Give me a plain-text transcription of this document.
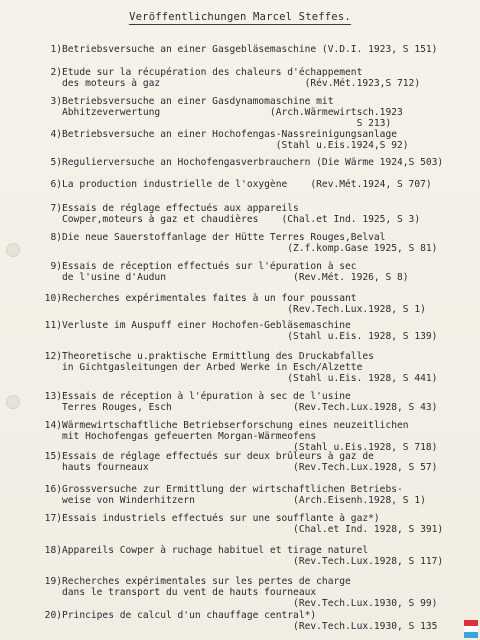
Veröffentlichungen Marcel Steffes.
1) Betriebsversuche an einer Gasgebläsemaschine (V.D.I. 1923, S 151)
2) Etude sur la récupération des chaleurs d'échappement
des moteurs à gaz                         (Rév.Mét.1923,S 712)
3) Betriebsversuche an einer Gasdynamomaschine mit
Abhitzeverwertung                   (Arch.Wärmewirtsch.1923
S 213)
4) Betriebsversuche an einer Hochofengas-Nassreinigungsanlage
(Stahl u.Eis.1924,S 92)
5) Regulierversuche an Hochofengasverbrauchern (Die Wärme 1924,S 503)
6) La production industrielle de l'oxygène    (Rev.Mét.1924, S 707)
7) Essais de réglage effectués aux appareils
Cowper,moteurs à gaz et chaudières    (Chal.et Ind. 1925, S 3)
8) Die neue Sauerstoffanlage der Hütte Terres Rouges,Belval
(Z.f.komp.Gase 1925, S 81)
9) Essais de réception effectués sur l'épuration à sec
de l'usine d'Audun                      (Rev.Mét. 1926, S 8)
10) Recherches expérimentales faites à un four poussant
(Rev.Tech.Lux.1928, S 1)
11) Verluste im Auspuff einer Hochofen-Gebläsemaschine
(Stahl u.Eis. 1928, S 139)
12) Theoretische u.praktische Ermittlung des Druckabfalles
in Gichtgasleitungen der Arbed Werke in Esch/Alzette
(Stahl u.Eis. 1928, S 441)
13) Essais de réception à l'épuration à sec de l'usine
Terres Rouges, Esch                     (Rev.Tech.Lux.1928, S 43)
14) Wärmewirtschaftliche Betriebserforschung eines neuzeitlichen
mit Hochofengas gefeuerten Morgan-Wärmeofens
(Stahl u.Eis.1928, S 718)
15) Essais de réglage effectués sur deux brûleurs à gaz de
hauts fourneaux                         (Rev.Tech.Lux.1928, S 57)
16) Grossversuche zur Ermittlung der wirtschaftlichen Betriebs-
weise von Winderhitzern                 (Arch.Eisenh.1928, S 1)
17) Essais industriels effectués sur une soufflante à gaz*)
(Chal.et Ind. 1928, S 391)
18) Appareils Cowper à ruchage habituel et tirage naturel
(Rev.Tech.Lux.1928, S 117)
19) Recherches expérimentales sur les pertes de charge
dans le transport du vent de hauts fourneaux
(Rev.Tech.Lux.1930, S 99)
20) Principes de calcul d'un chauffage central*)
(Rev.Tech.Lux.1930, S 135
